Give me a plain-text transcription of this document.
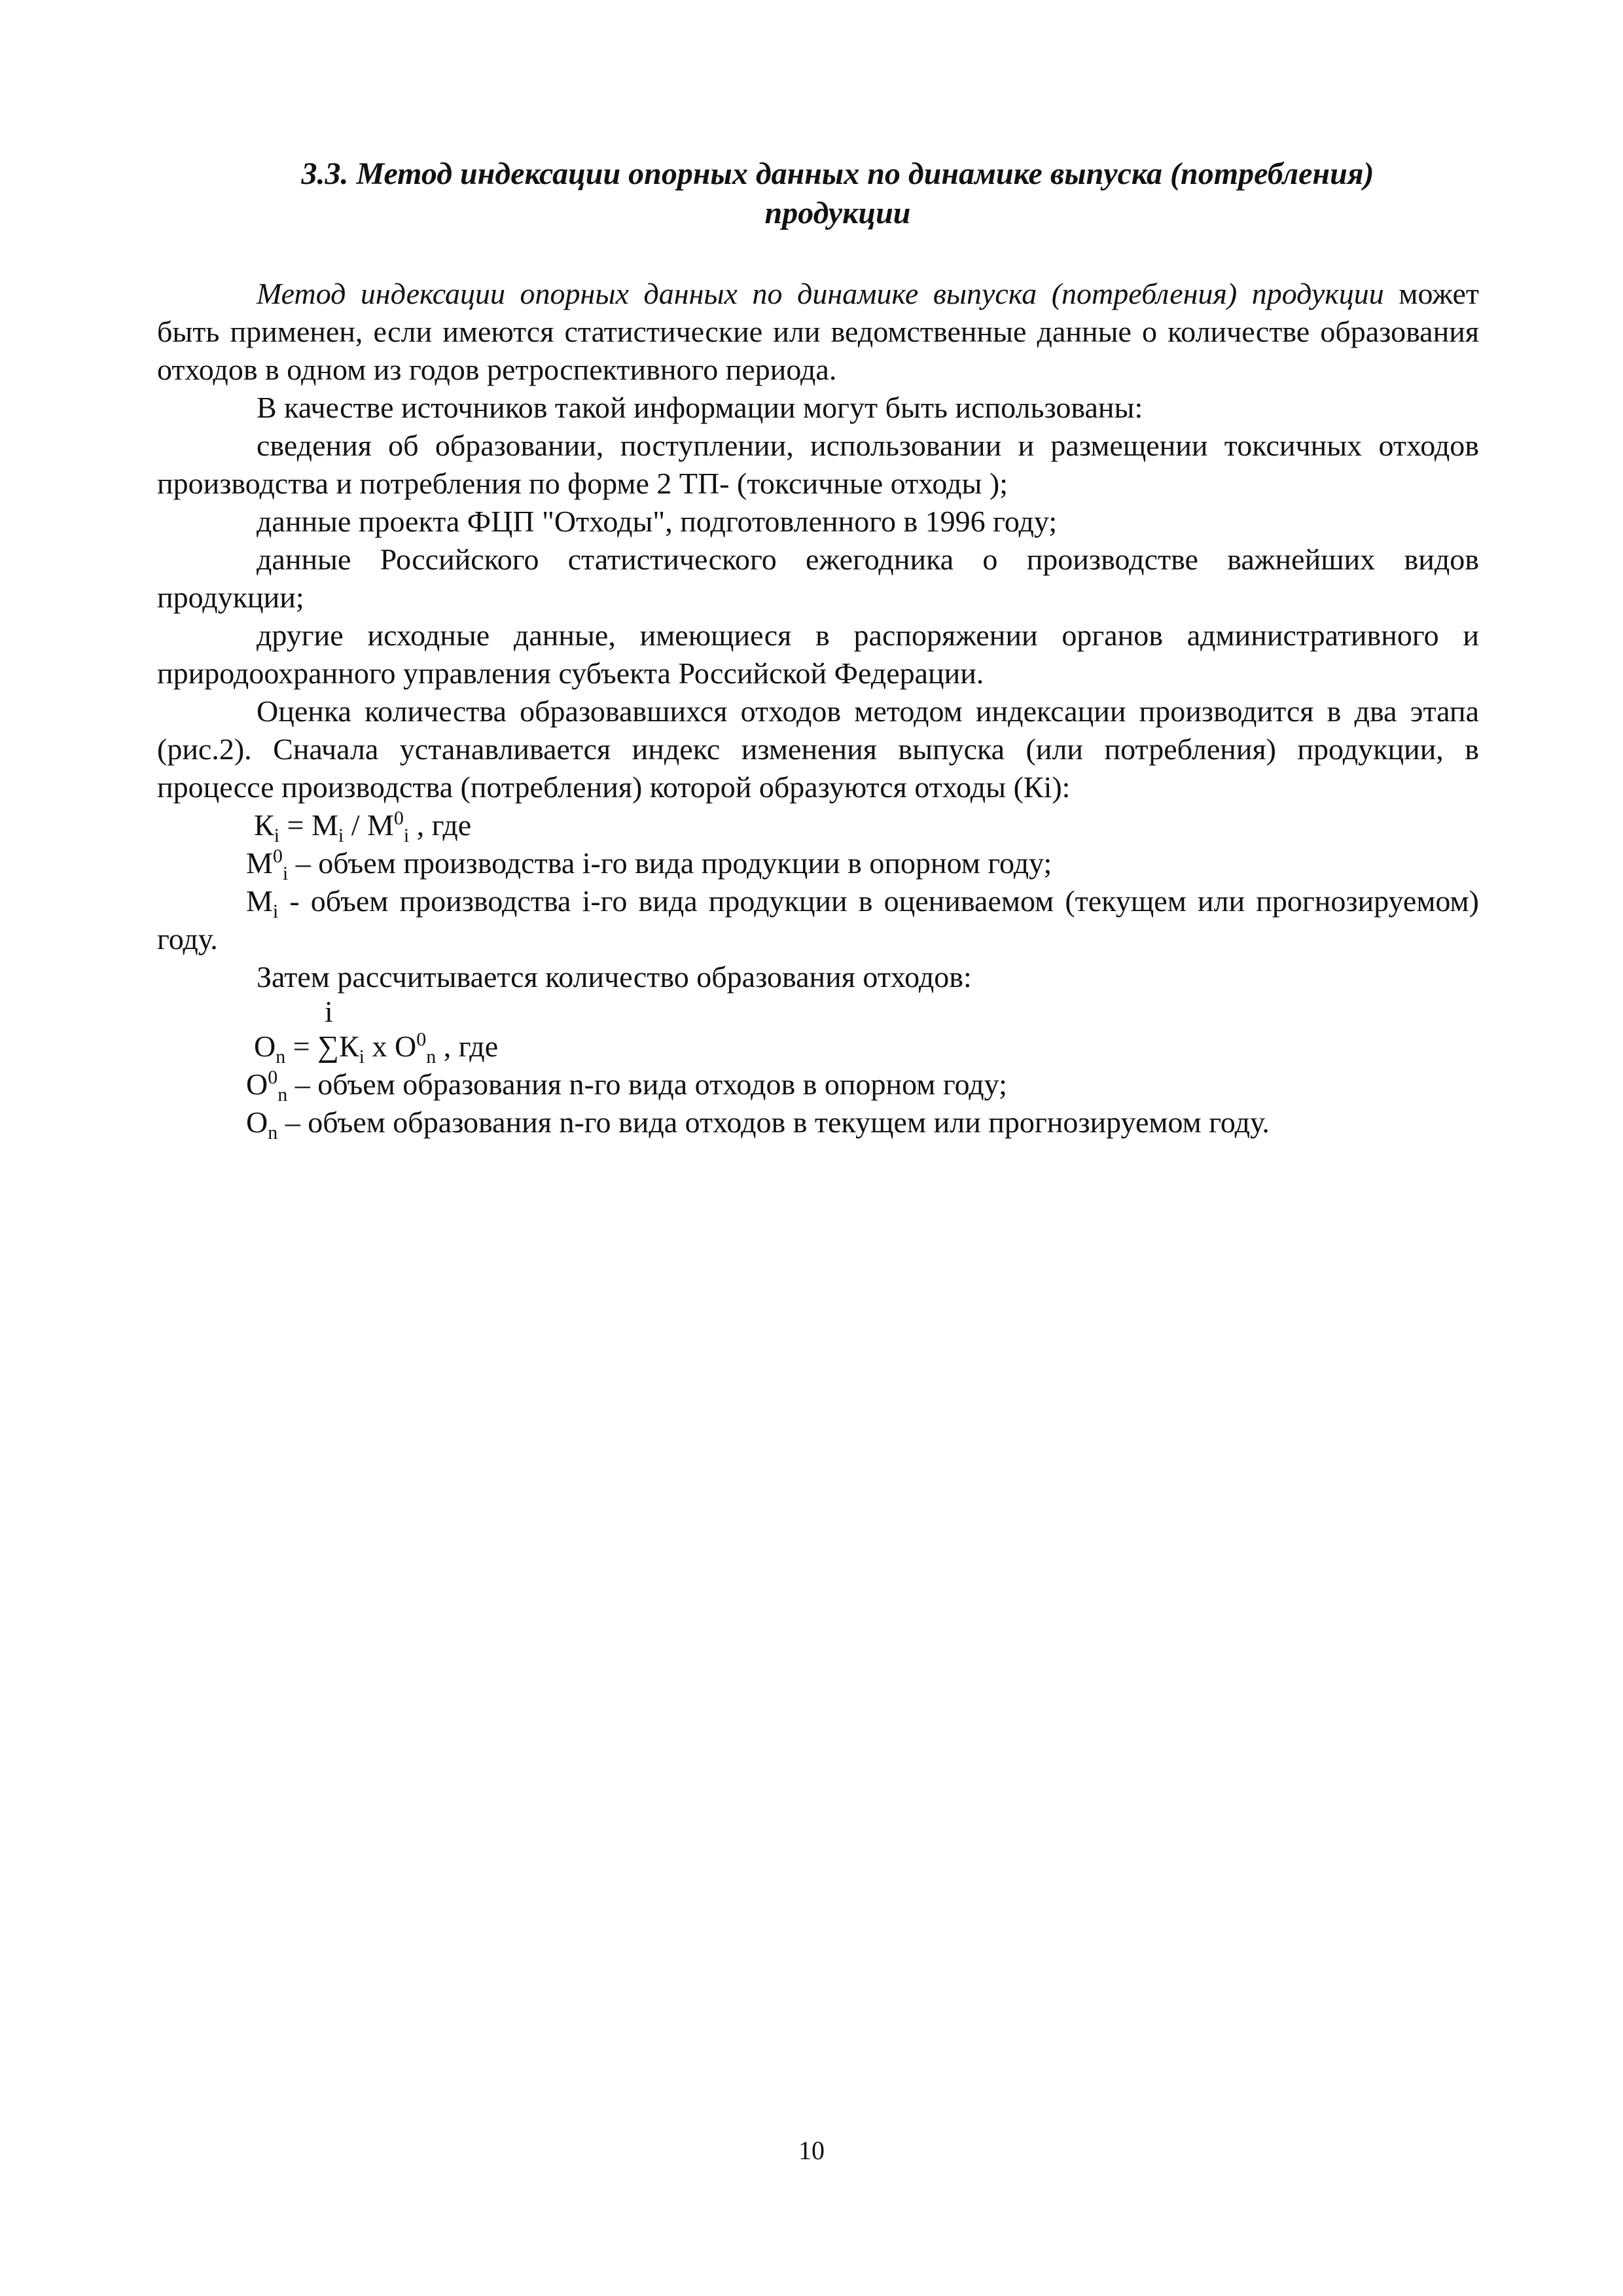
3.3. Метод индексации опорных данных по динамике выпуска (потребления)
продукции

Метод индексации опорных данных по динамике выпуска (потребления) продукции может быть применен, если имеются статистические или ведомственные данные о количестве образования отходов в одном из годов ретроспективного периода.

В качестве источников такой информации могут быть использованы:

сведения об образовании, поступлении, использовании и размещении токсичных отходов производства и потребления по форме 2 ТП- (токсичные отходы );

данные проекта ФЦП "Отходы", подготовленного в 1996 году;

данные Российского статистического ежегодника о производстве важнейших видов продукции;

другие исходные данные, имеющиеся в распоряжении органов административного и природоохранного управления субъекта Российской Федерации.

Оценка количества образовавшихся отходов методом индексации производится в два этапа (рис.2). Сначала устанавливается индекс изменения выпуска (или потребления) продукции, в процессе производства (потребления) которой образуются отходы (Кi):

$К_i = M_i / M^0_i$ , где
$M^0_i$ – объем производства i-го вида продукции в опорном году;

$M_i$ - объем производства i-го вида продукции в оцениваемом (текущем или прогнозируемом) году.

Затем рассчитывается количество образования отходов:

i
$O_n = \sum К_i$ x $O^0_n$ , где
$O^0_n$ – объем образования n-го вида отходов в опорном году;
$O_n$ – объем образования n-го вида отходов в текущем или прогнозируемом году.
10
